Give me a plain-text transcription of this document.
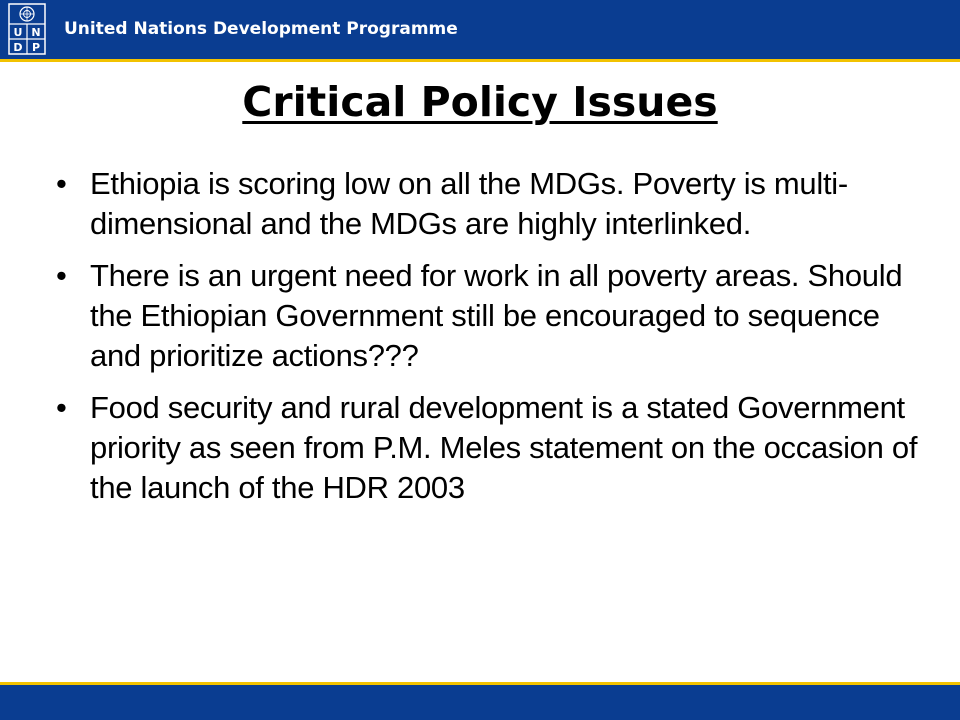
U N
D P
United Nations Development Programme
Critical Policy Issues
• Ethiopia is scoring low on all the MDGs. Poverty is multi-dimensional and the MDGs are highly interlinked.
• There is an urgent need for work in all poverty areas. Should the Ethiopian Government still be encouraged to sequence and prioritize actions???
• Food security and rural development is a stated Government priority as seen from P.M. Meles statement on the occasion of the launch of the HDR 2003
